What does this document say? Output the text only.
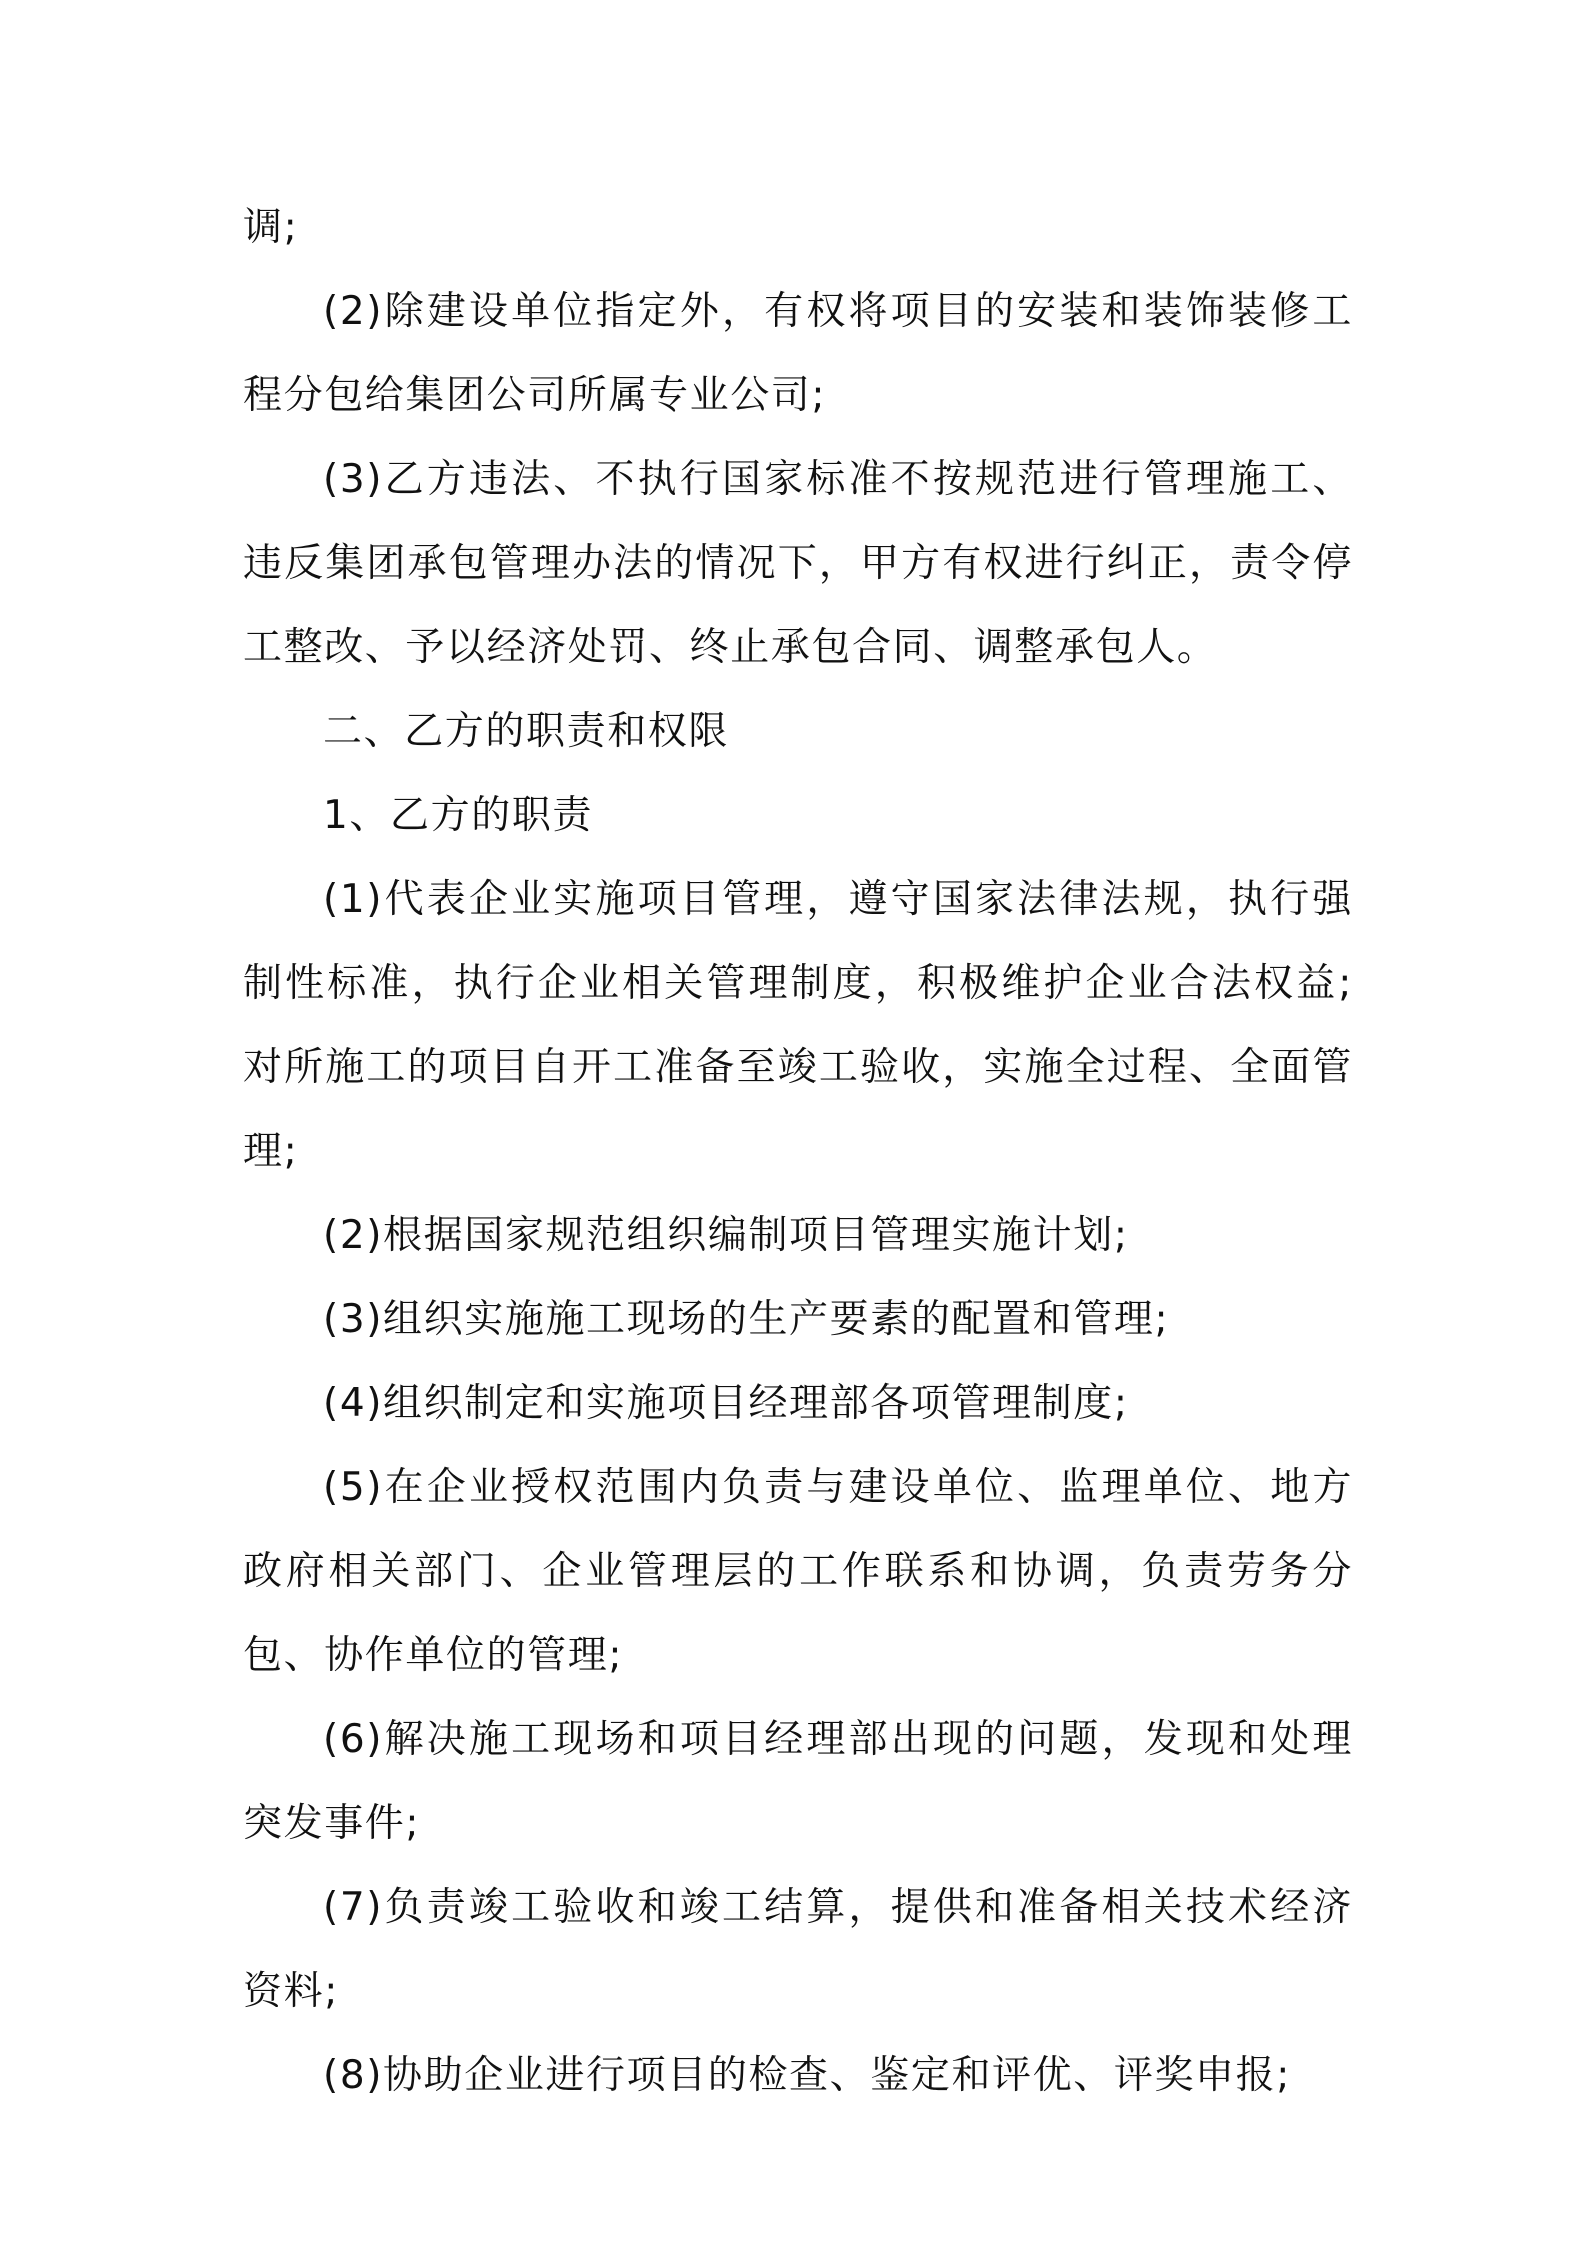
调;

(2)除建设单位指定外，有权将项目的安装和装饰装修工程分包给集团公司所属专业公司;

(3)乙方违法、不执行国家标准不按规范进行管理施工、违反集团承包管理办法的情况下，甲方有权进行纠正，责令停工整改、予以经济处罚、终止承包合同、调整承包人。

二、乙方的职责和权限

1、乙方的职责

(1)代表企业实施项目管理，遵守国家法律法规，执行强制性标准，执行企业相关管理制度，积极维护企业合法权益;对所施工的项目自开工准备至竣工验收，实施全过程、全面管理;

(2)根据国家规范组织编制项目管理实施计划;

(3)组织实施施工现场的生产要素的配置和管理;

(4)组织制定和实施项目经理部各项管理制度;

(5)在企业授权范围内负责与建设单位、监理单位、地方政府相关部门、企业管理层的工作联系和协调，负责劳务分包、协作单位的管理;

(6)解决施工现场和项目经理部出现的问题，发现和处理突发事件;

(7)负责竣工验收和竣工结算，提供和准备相关技术经济资料;

(8)协助企业进行项目的检查、鉴定和评优、评奖申报;
